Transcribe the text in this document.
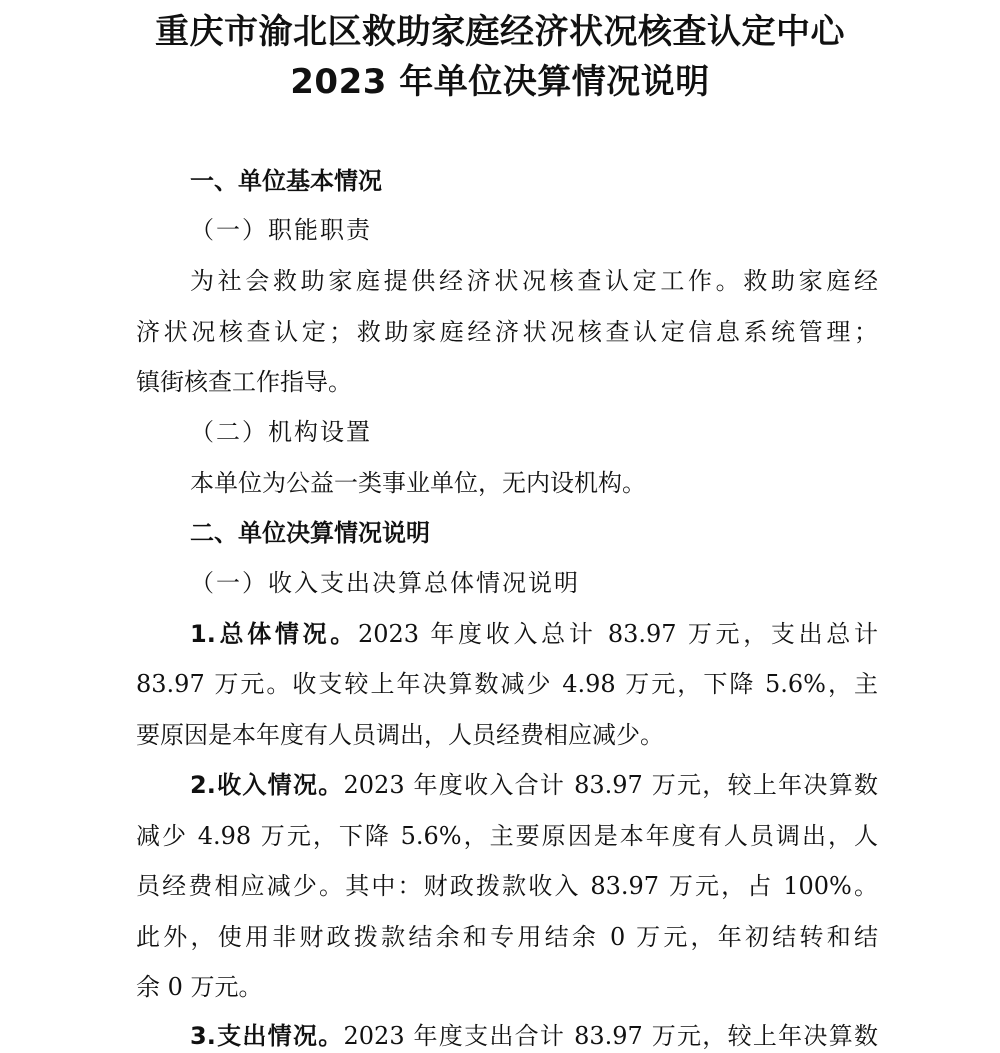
重庆市渝北区救助家庭经济状况核查认定中心
2023 年单位决算情况说明
一、单位基本情况
（一）职能职责
为社会救助家庭提供经济状况核查认定工作。救助家庭经
济状况核查认定；救助家庭经济状况核查认定信息系统管理；
镇街核查工作指导。
（二）机构设置
本单位为公益一类事业单位，无内设机构。
二、单位决算情况说明
（一）收入支出决算总体情况说明
1.总体情况。2023 年度收入总计 83.97 万元，支出总计
83.97 万元。收支较上年决算数减少 4.98 万元，下降 5.6%，主
要原因是本年度有人员调出，人员经费相应减少。
2.收入情况。2023 年度收入合计 83.97 万元，较上年决算数
减少 4.98 万元，下降 5.6%，主要原因是本年度有人员调出，人
员经费相应减少。其中：财政拨款收入 83.97 万元，占 100%。
此外，使用非财政拨款结余和专用结余 0 万元，年初结转和结
余 0 万元。
3.支出情况。2023 年度支出合计 83.97 万元，较上年决算数
